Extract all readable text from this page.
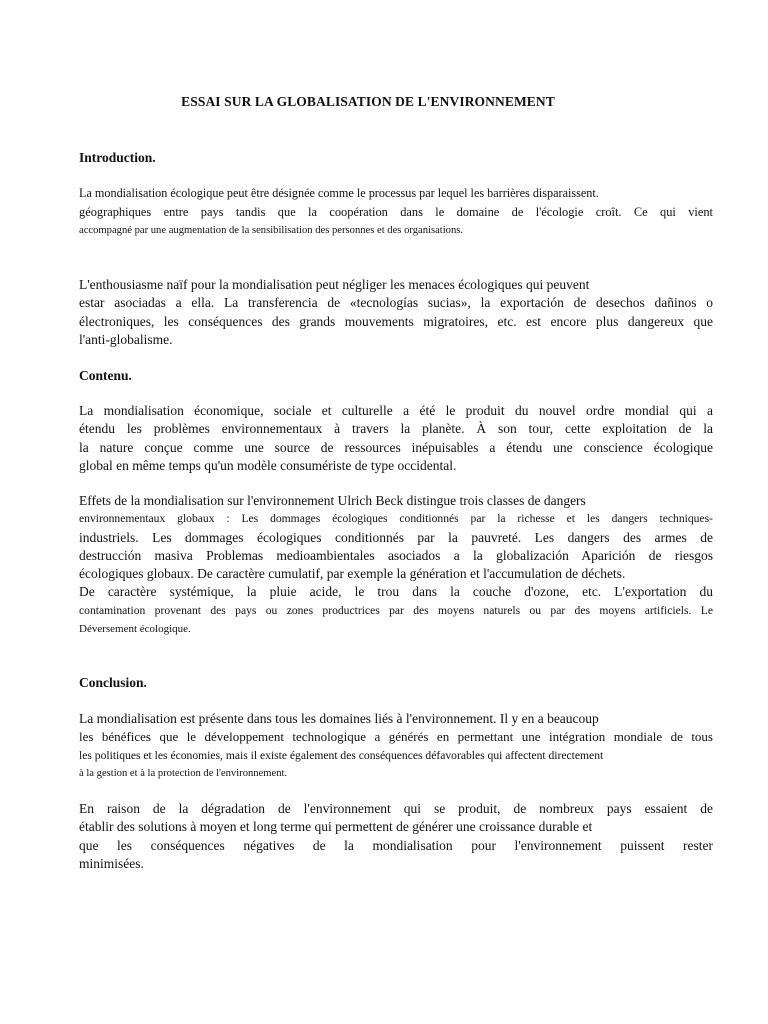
ESSAI SUR LA GLOBALISATION DE L'ENVIRONNEMENT
Introduction.
La mondialisation écologique peut être désignée comme le processus par lequel les barrières disparaissent.
géographiques entre pays tandis que la coopération dans le domaine de l'écologie croît. Ce qui vient
accompagné par une augmentation de la sensibilisation des personnes et des organisations.
L'enthousiasme naïf pour la mondialisation peut négliger les menaces écologiques qui peuvent
estar asociadas a ella. La transferencia de «tecnologías sucias», la exportación de desechos dañinos o
électroniques, les conséquences des grands mouvements migratoires, etc. est encore plus dangereux que
l'anti-globalisme.
Contenu.
La mondialisation économique, sociale et culturelle a été le produit du nouvel ordre mondial qui a
étendu les problèmes environnementaux à travers la planète. À son tour, cette exploitation de la
la nature conçue comme une source de ressources inépuisables a étendu une conscience écologique
global en même temps qu'un modèle consumériste de type occidental.
Effets de la mondialisation sur l'environnement Ulrich Beck distingue trois classes de dangers
environnementaux globaux : Les dommages écologiques conditionnés par la richesse et les dangers techniques-
industriels. Les dommages écologiques conditionnés par la pauvreté. Les dangers des armes de
destrucción masiva Problemas medioambientales asociados a la globalización Aparición de riesgos
écologiques globaux. De caractère cumulatif, par exemple la génération et l'accumulation de déchets.
De caractère systémique, la pluie acide, le trou dans la couche d'ozone, etc. L'exportation du
contamination provenant des pays ou zones productrices par des moyens naturels ou par des moyens artificiels. Le
Déversement écologique.
Conclusion.
La mondialisation est présente dans tous les domaines liés à l'environnement. Il y en a beaucoup
les bénéfices que le développement technologique a générés en permettant une intégration mondiale de tous
les politiques et les économies, mais il existe également des conséquences défavorables qui affectent directement
à la gestion et à la protection de l'environnement.
En raison de la dégradation de l'environnement qui se produit, de nombreux pays essaient de
établir des solutions à moyen et long terme qui permettent de générer une croissance durable et
que les conséquences négatives de la mondialisation pour l'environnement puissent rester
minimisées.
